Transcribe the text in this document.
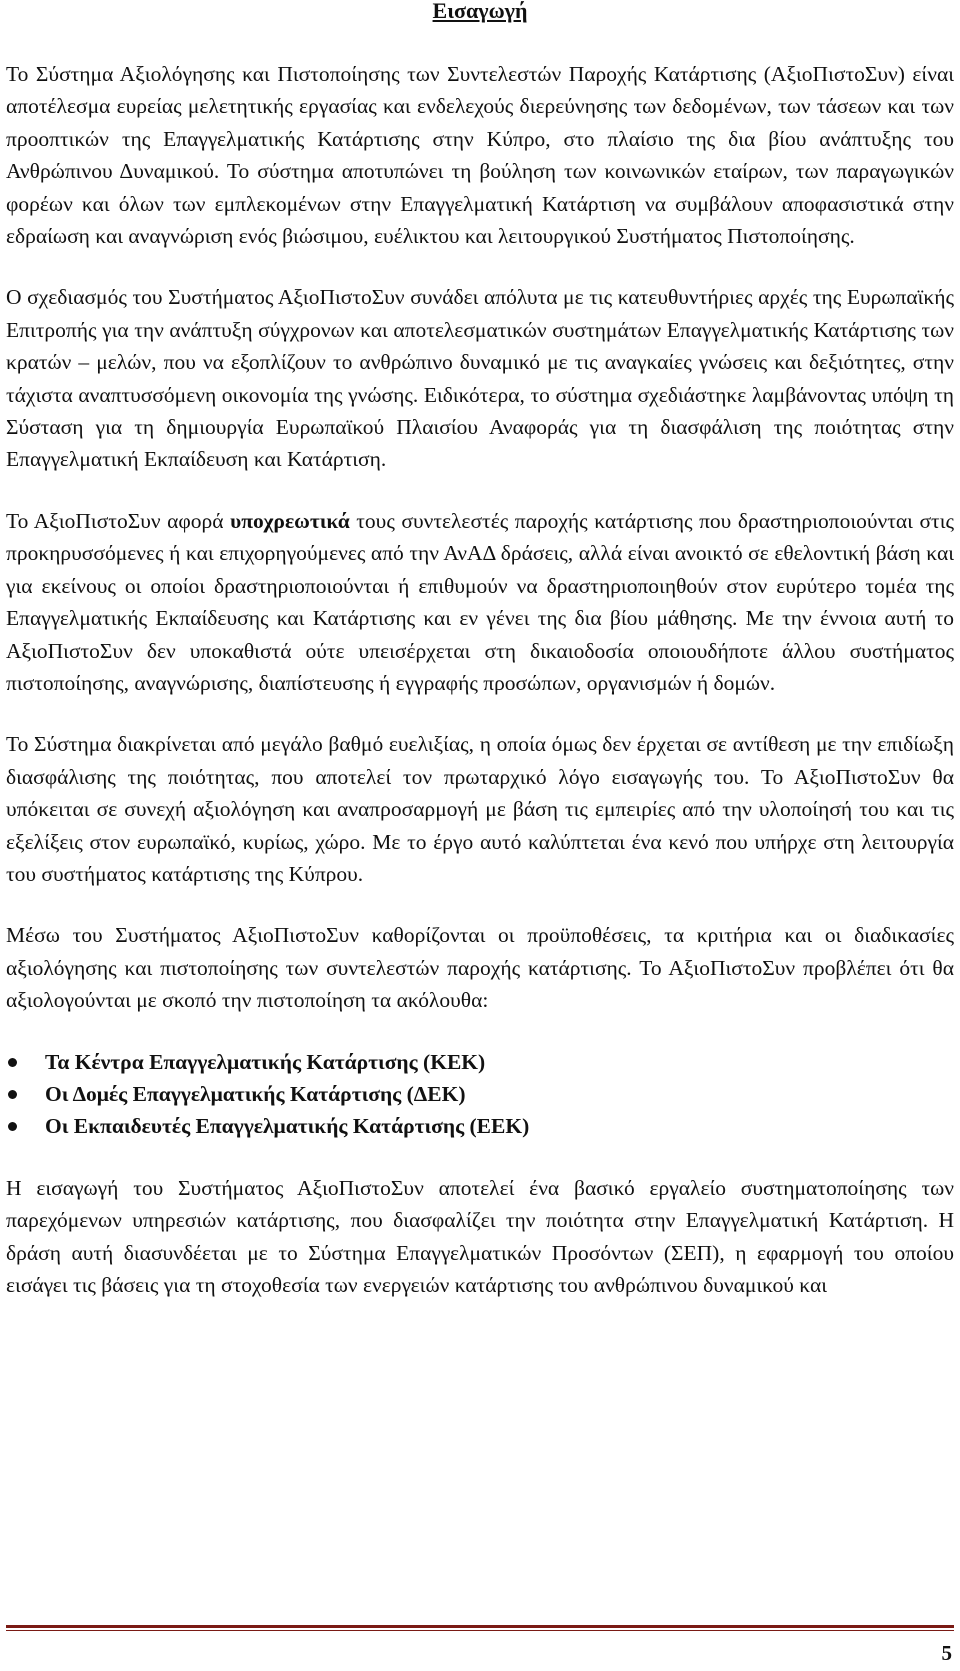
Εισαγωγή

Το Σύστημα Αξιολόγησης και Πιστοποίησης των Συντελεστών Παροχής Κατάρτισης (ΑξιοΠιστοΣυν) είναι αποτέλεσμα ευρείας μελετητικής εργασίας και ενδελεχούς διερεύνησης των δεδομένων, των τάσεων και των προοπτικών της Επαγγελματικής Κατάρτισης στην Κύπρο, στο πλαίσιο της δια βίου ανάπτυξης του Ανθρώπινου Δυναμικού. Το σύστημα αποτυπώνει τη βούληση των κοινωνικών εταίρων, των παραγωγικών φορέων και όλων των εμπλεκομένων στην Επαγγελματική Κατάρτιση να συμβάλουν αποφασιστικά στην εδραίωση και αναγνώριση ενός βιώσιμου, ευέλικτου και λειτουργικού Συστήματος Πιστοποίησης.

Ο σχεδιασμός του Συστήματος ΑξιοΠιστοΣυν συνάδει απόλυτα με τις κατευθυντήριες αρχές της Ευρωπαϊκής Επιτροπής για την ανάπτυξη σύγχρονων και αποτελεσματικών συστημάτων Επαγγελματικής Κατάρτισης των κρατών – μελών, που να εξοπλίζουν το ανθρώπινο δυναμικό με τις αναγκαίες γνώσεις και δεξιότητες, στην τάχιστα αναπτυσσόμενη οικονομία της γνώσης. Ειδικότερα, το σύστημα σχεδιάστηκε λαμβάνοντας υπόψη τη Σύσταση για τη δημιουργία Ευρωπαϊκού Πλαισίου Αναφοράς για τη διασφάλιση της ποιότητας στην Επαγγελματική Εκπαίδευση και Κατάρτιση.

Το ΑξιοΠιστοΣυν αφορά υποχρεωτικά τους συντελεστές παροχής κατάρτισης που δραστηριοποιούνται στις προκηρυσσόμενες ή και επιχορηγούμενες από την ΑνΑΔ δράσεις, αλλά είναι ανοικτό σε εθελοντική βάση και για εκείνους οι οποίοι δραστηριοποιούνται ή επιθυμούν να δραστηριοποιηθούν στον ευρύτερο τομέα της Επαγγελματικής Εκπαίδευσης και Κατάρτισης και εν γένει της δια βίου μάθησης. Με την έννοια αυτή το ΑξιοΠιστοΣυν δεν υποκαθιστά ούτε υπεισέρχεται στη δικαιοδοσία οποιουδήποτε άλλου συστήματος πιστοποίησης, αναγνώρισης, διαπίστευσης ή εγγραφής προσώπων, οργανισμών ή δομών.

Το Σύστημα διακρίνεται από μεγάλο βαθμό ευελιξίας, η οποία όμως δεν έρχεται σε αντίθεση με την επιδίωξη διασφάλισης της ποιότητας, που αποτελεί τον πρωταρχικό λόγο εισαγωγής του. Το ΑξιοΠιστοΣυν θα υπόκειται σε συνεχή αξιολόγηση και αναπροσαρμογή με βάση τις εμπειρίες από την υλοποίησή του και τις εξελίξεις στον ευρωπαϊκό, κυρίως, χώρο. Με το έργο αυτό καλύπτεται ένα κενό που υπήρχε στη λειτουργία του συστήματος κατάρτισης της Κύπρου.

Μέσω του Συστήματος ΑξιοΠιστοΣυν καθορίζονται οι προϋποθέσεις, τα κριτήρια και οι διαδικασίες αξιολόγησης και πιστοποίησης των συντελεστών παροχής κατάρτισης. Το ΑξιοΠιστοΣυν προβλέπει ότι θα αξιολογούνται με σκοπό την πιστοποίηση τα ακόλουθα:

Τα Κέντρα Επαγγελματικής Κατάρτισης (ΚΕΚ)
Οι Δομές Επαγγελματικής Κατάρτισης (ΔΕΚ)
Οι Εκπαιδευτές Επαγγελματικής Κατάρτισης (ΕΕΚ)

Η εισαγωγή του Συστήματος ΑξιοΠιστοΣυν αποτελεί ένα βασικό εργαλείο συστηματοποίησης των παρεχόμενων υπηρεσιών κατάρτισης, που διασφαλίζει την ποιότητα στην Επαγγελματική Κατάρτιση. Η δράση αυτή διασυνδέεται με το Σύστημα Επαγγελματικών Προσόντων (ΣΕΠ), η εφαρμογή του οποίου εισάγει τις βάσεις για τη στοχοθεσία των ενεργειών κατάρτισης του ανθρώπινου δυναμικού και

5
